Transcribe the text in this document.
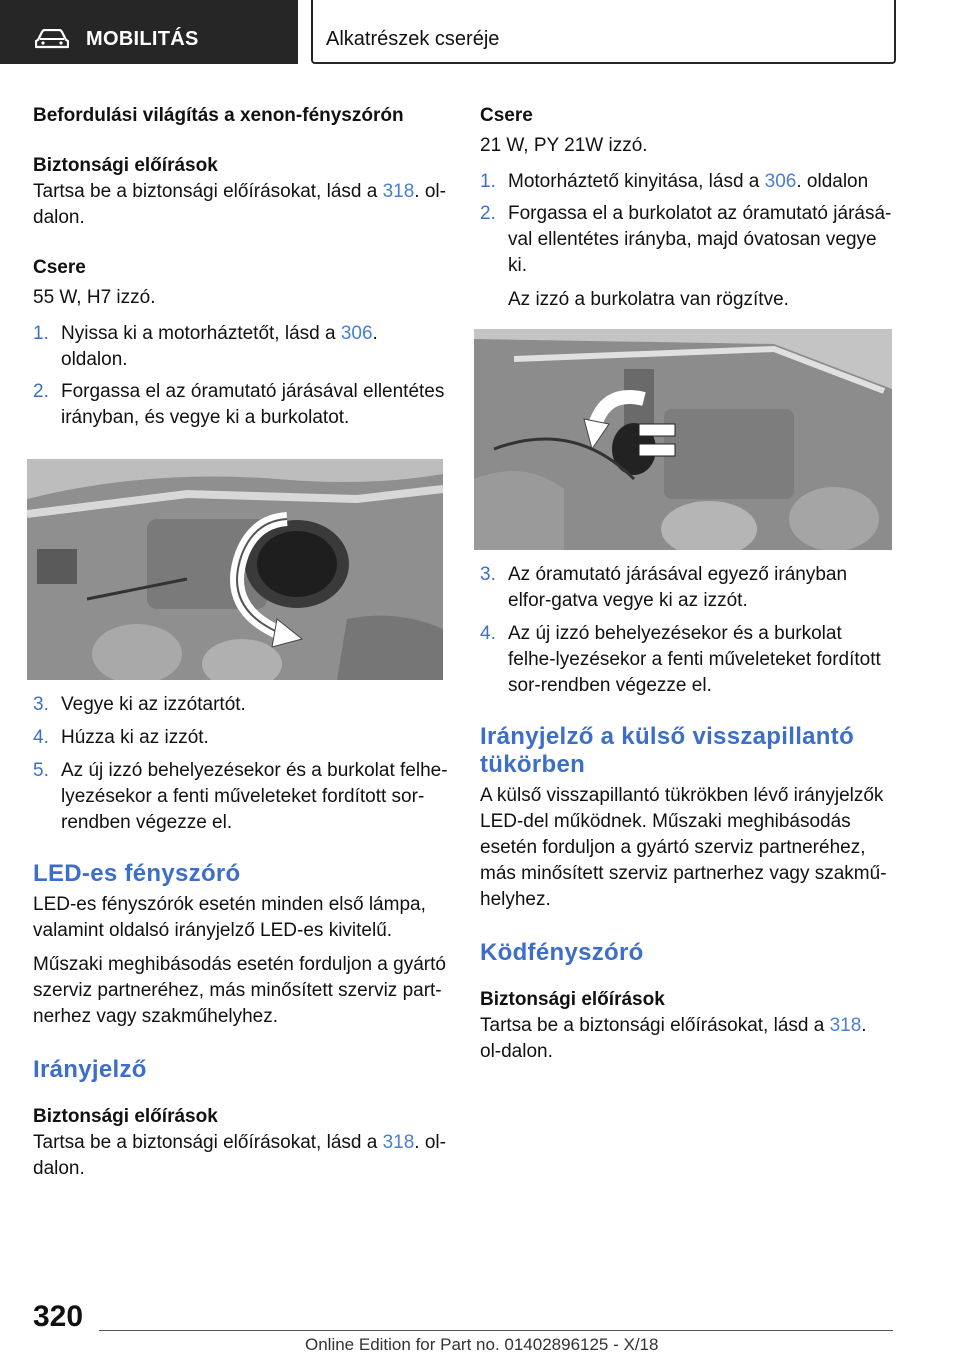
MOBILITÁS	Alkatrészek cseréje
Befordulási világítás a xenon-fényszórón
Biztonsági előírások

Tartsa be a biztonsági előírásokat, lásd a 318. ol-dalon.

Csere

55 W, H7 izzó.

1. Nyissa ki a motorháztetőt, lásd a 306. oldalon.
2. Forgassa el az óramutató járásával ellentétes irányban, és vegye ki a burkolatot.
3. Vegye ki az izzótartót.
4. Húzza ki az izzót.
5. Az új izzó behelyezésekor és a burkolat felhe-lyezésekor a fenti műveleteket fordított sor-rendben végezze el.
LED-es fényszóró

LED-es fényszórók esetén minden első lámpa, valamint oldalsó irányjelző LED-es kivitelű.

Műszaki meghibásodás esetén forduljon a gyártó szerviz partneréhez, más minősített szerviz part-nerhez vagy szakműhelyhez.

Irányjelző
Biztonsági előírások

Tartsa be a biztonsági előírásokat, lásd a 318. ol-dalon.

Csere

21 W, PY 21W izzó.

1. Motorháztető kinyitása, lásd a 306. oldalon
2. Forgassa el a burkolatot az óramutató járásá-val ellentétes irányba, majd óvatosan vegye ki.
Az izzó a burkolatra van rögzítve.
3. Az óramutató járásával egyező irányban elfor-gatva vegye ki az izzót.
4. Az új izzó behelyezésekor és a burkolat felhe-lyezésekor a fenti műveleteket fordított sor-rendben végezze el.
Irányjelző a külső visszapillantó tükörben

A külső visszapillantó tükrökben lévő irányjelzők LED-del működnek. Műszaki meghibásodás esetén forduljon a gyártó szerviz partneréhez, más minősített szerviz partnerhez vagy szakmű-helyhez.

Ködfényszóró
Biztonsági előírások

Tartsa be a biztonsági előírásokat, lásd a 318. ol-dalon.

320
Online Edition for Part no. 01402896125 - X/18
